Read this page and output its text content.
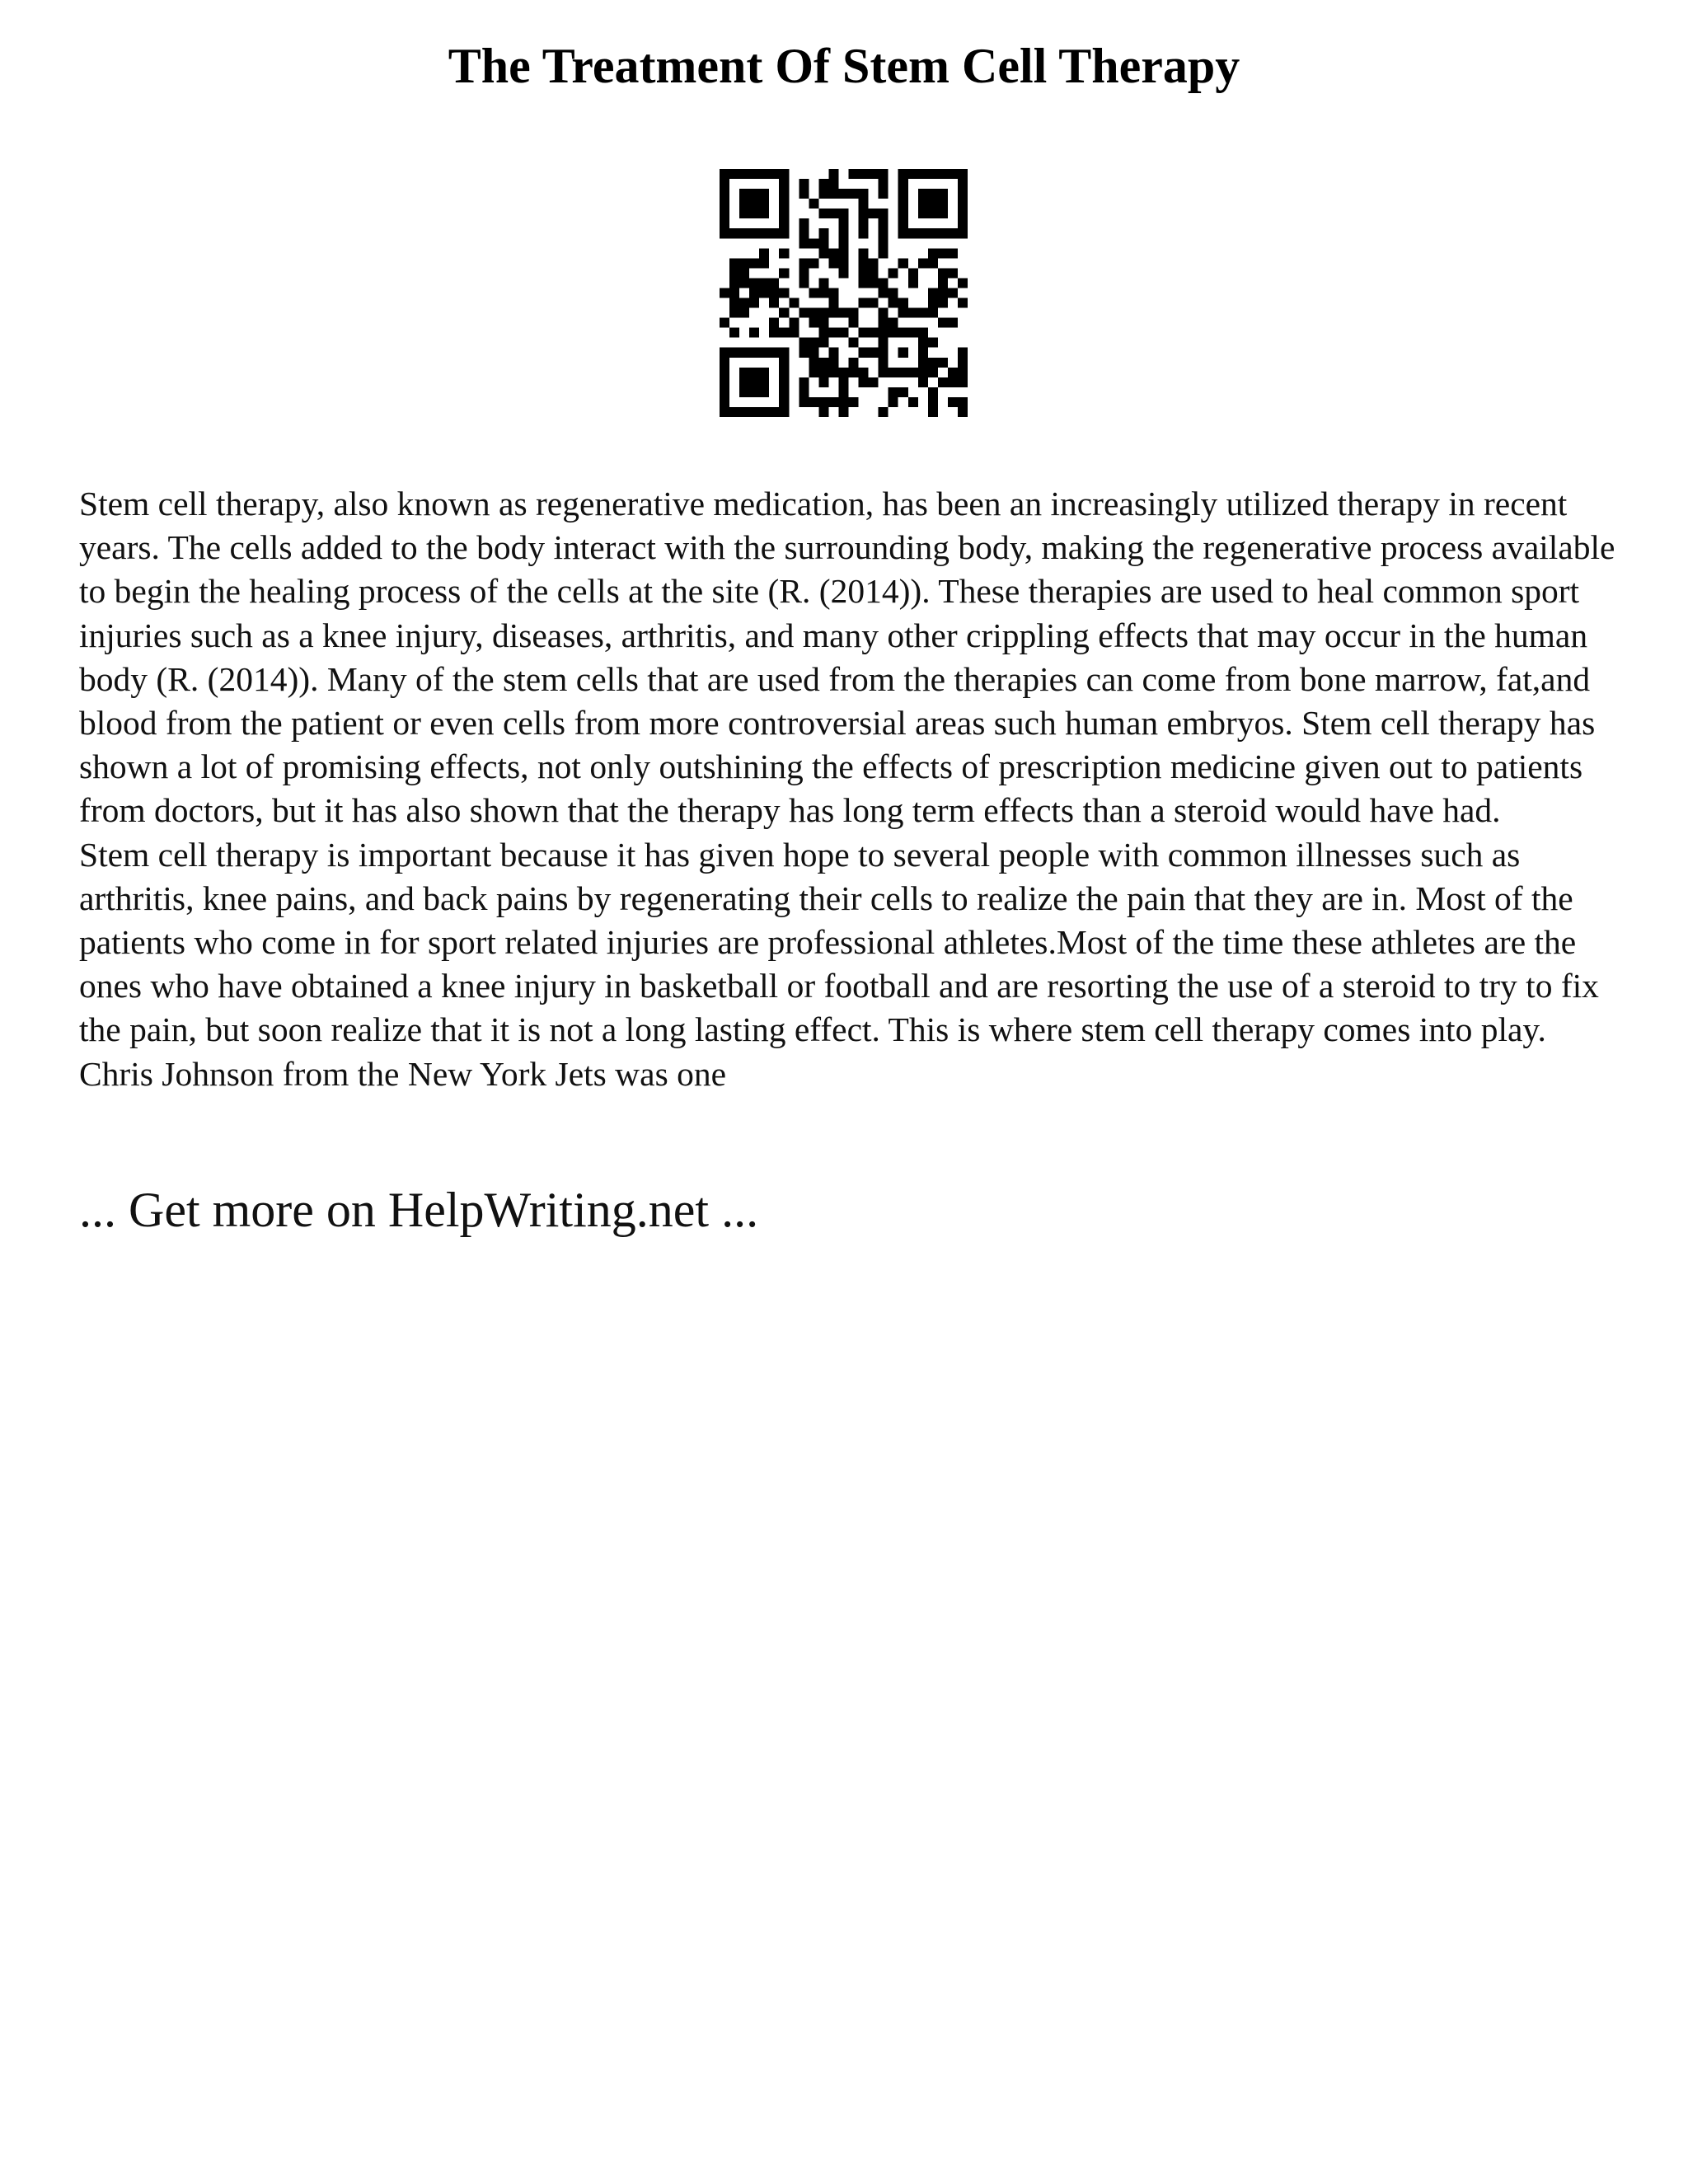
The Treatment Of Stem Cell Therapy

Stem cell therapy, also known as regenerative medication, has been an increasingly utilized therapy in recent years. The cells added to the body interact with the surrounding body, making the regenerative process available to begin the healing process of the cells at the site (R. (2014)). These therapies are used to heal common sport injuries such as a knee injury, diseases, arthritis, and many other crippling effects that may occur in the human body (R. (2014)). Many of the stem cells that are used from the therapies can come from bone marrow, fat,and blood from the patient or even cells from more controversial areas such human embryos. Stem cell therapy has shown a lot of promising effects, not only outshining the effects of prescription medicine given out to patients from doctors, but it has also shown that the therapy has long term effects than a steroid would have had.

Stem cell therapy is important because it has given hope to several people with common illnesses such as arthritis, knee pains, and back pains by regenerating their cells to realize the pain that they are in. Most of the patients who come in for sport related injuries are professional athletes.Most of the time these athletes are the ones who have obtained a knee injury in basketball or football and are resorting the use of a steroid to try to fix the pain, but soon realize that it is not a long lasting effect. This is where stem cell therapy comes into play. Chris Johnson from the New York Jets was one

... Get more on HelpWriting.net ...
